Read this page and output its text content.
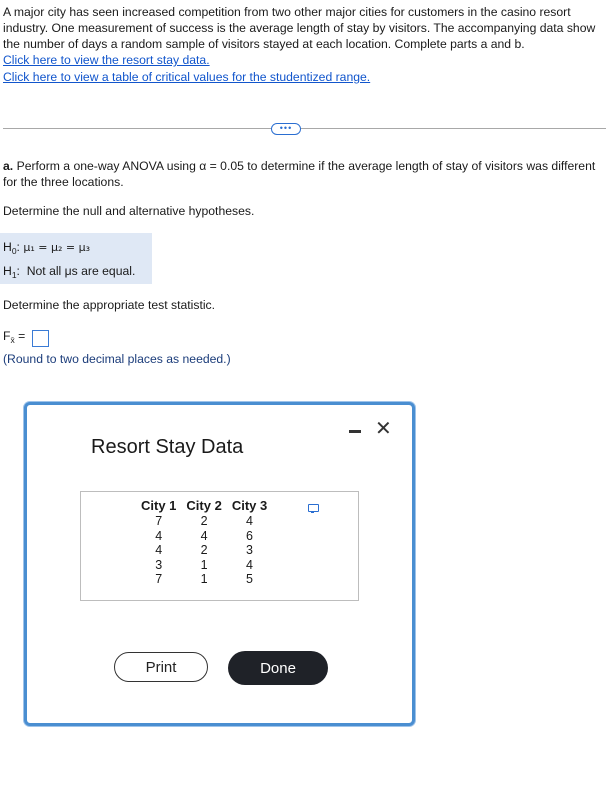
A major city has seen increased competition from two other major cities for customers in the casino resort industry. One measurement of success is the average length of stay by visitors. The accompanying data show the number of days a random sample of visitors stayed at each location. Complete parts a and b.

Click here to view the resort stay data.
Click here to view a table of critical values for the studentized range.
•••
a. Perform a one-way ANOVA using α = 0.05 to determine if the average length of stay of visitors was different for the three locations.
Determine the null and alternative hypotheses.
$H_0$: μ₁ = μ₂ = μ₃
$H_1$:  Not all μs are equal.
Determine the appropriate test statistic.
$F_{x̄}$ =
(Round to two decimal places as needed.)
Resort Stay Data
✕
City 1	City 2	City 3
7	2	4
4	4	6
4	2	3
3	1	4
7	1	5
Print	Done
